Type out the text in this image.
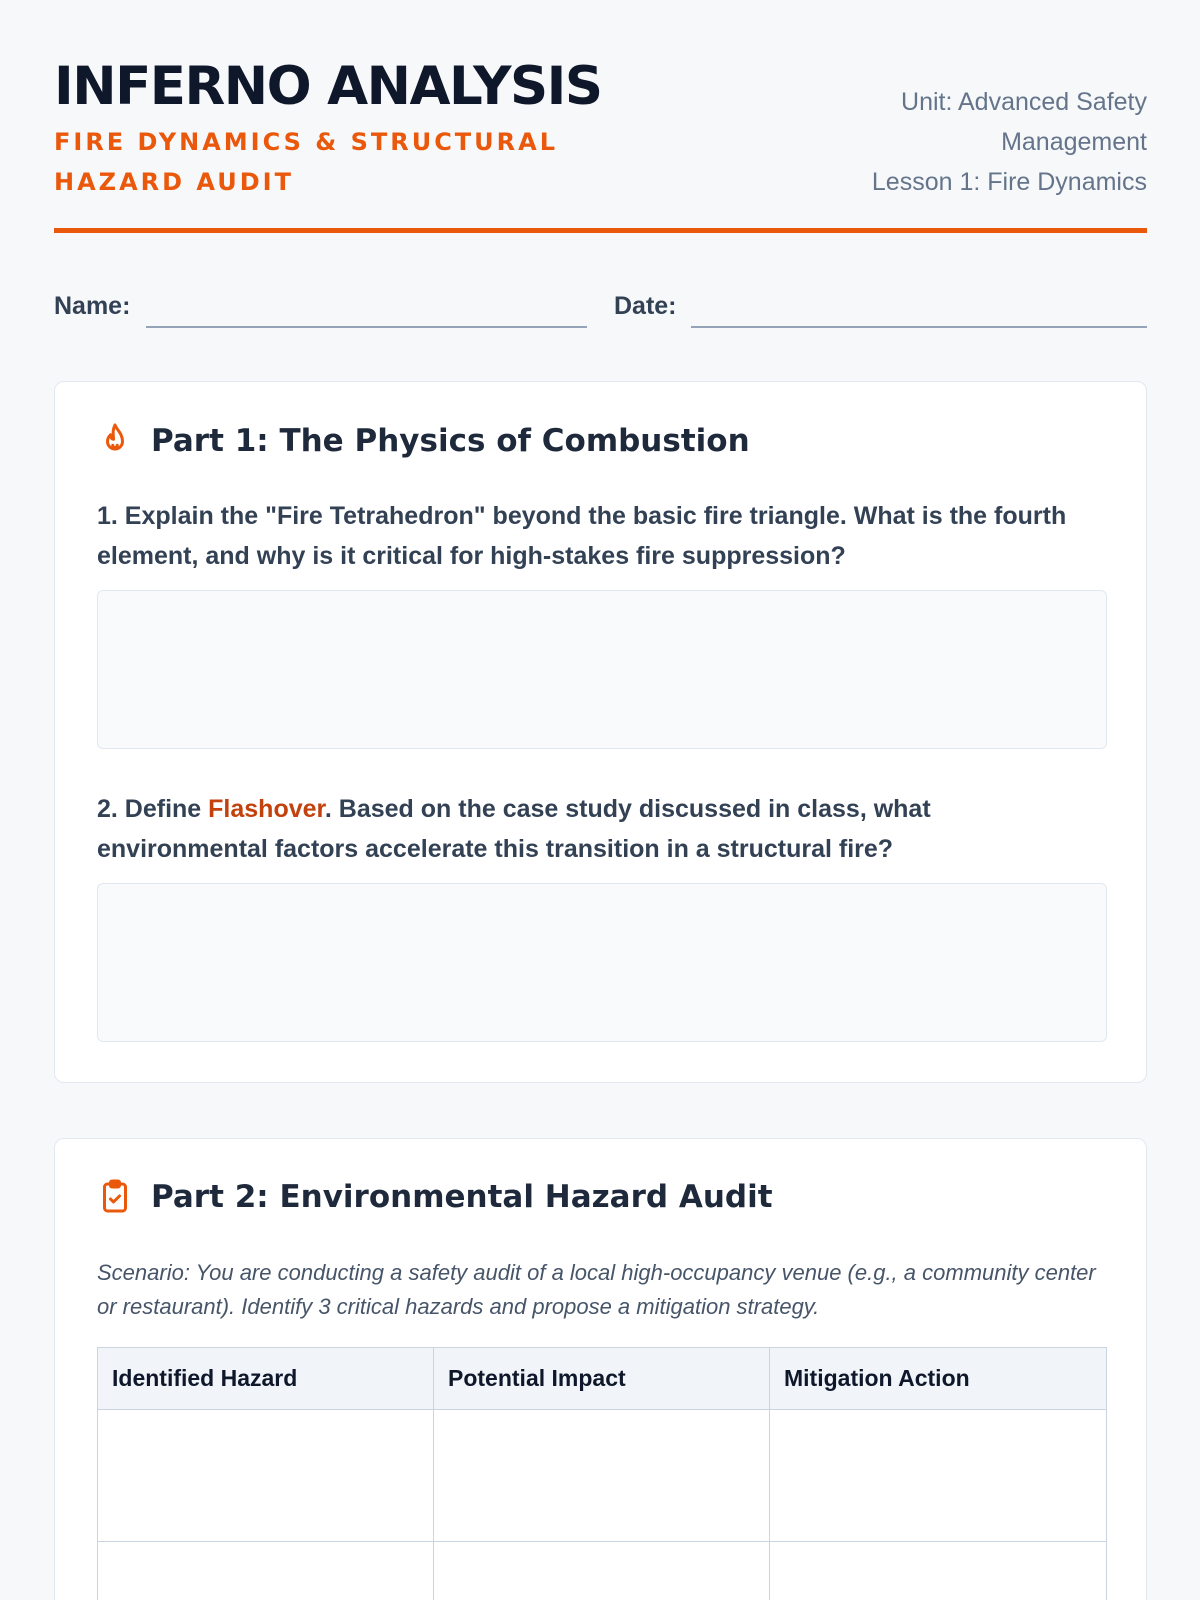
INFERNO ANALYSIS
FIRE DYNAMICS & STRUCTURAL HAZARD AUDIT
Unit: Advanced Safety
Management
Lesson 1: Fire Dynamics
Name:	Date:
Part 1: The Physics of Combustion
1. Explain the "Fire Tetrahedron" beyond the basic fire triangle. What is the fourth element, and why is it critical for high-stakes fire suppression?
2. Define Flashover. Based on the case study discussed in class, what environmental factors accelerate this transition in a structural fire?
Part 2: Environmental Hazard Audit
Scenario: You are conducting a safety audit of a local high-occupancy venue (e.g., a community center or restaurant). Identify 3 critical hazards and propose a mitigation strategy.
Identified Hazard	Potential Impact	Mitigation Action
